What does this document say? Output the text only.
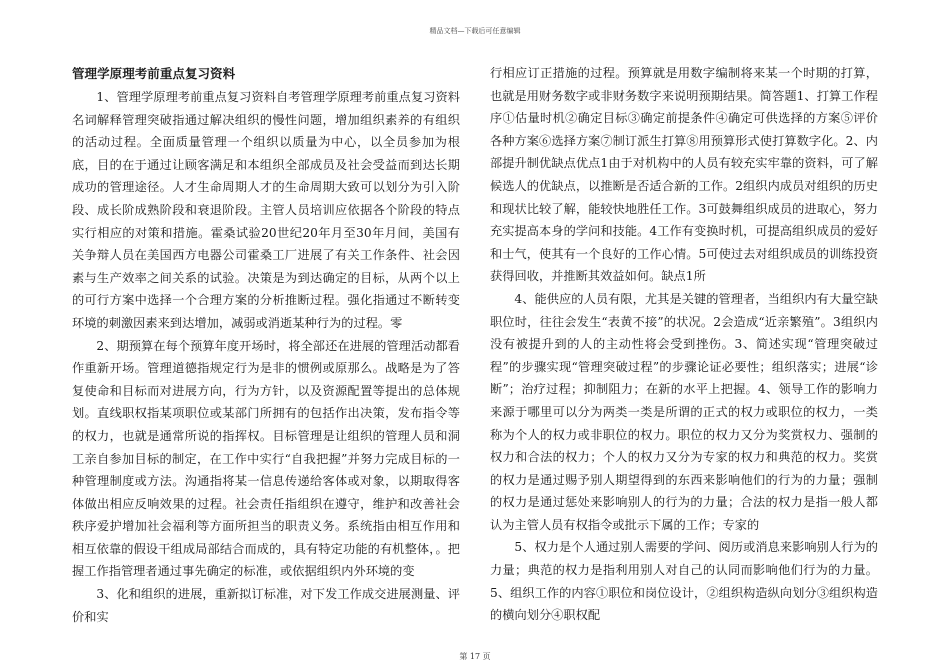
精品文档—下载后可任意编辑
管理学原理考前重点复习资料

1、管理学原理考前重点复习资料自考管理学原理考前重点复习资料名词解释管理突破指通过解决组织的慢性问题，增加组织素养的有组织的活动过程。全面质量管理一个组织以质量为中心，以全员参加为根底，目的在于通过让顾客满足和本组织全部成员及社会受益而到达长期成功的管理途径。人才生命周期人才的生命周期大致可以划分为引入阶段、成长阶成熟阶段和衰退阶段。主管人员培训应依据各个阶段的特点实行相应的对策和措施。霍桑试验20世纪20年月至30年月间，美国有关争辩人员在美国西方电器公司霍桑工厂进展了有关工作条件、社会因素与生产效率之间关系的试验。决策是为到达确定的目标，从两个以上的可行方案中选择一个合理方案的分析推断过程。强化指通过不断转变环境的刺激因素来到达增加，减弱或消逝某种行为的过程。零

2、期预算在每个预算年度开场时，将全部还在进展的管理活动都看作重新开场。管理道德指规定行为是非的惯例或原那么。战略是为了答复使命和目标而对进展方向，行为方针，以及资源配置等提出的总体规划。直线职权指某项职位或某部门所拥有的包括作出决策，发布指令等的权力，也就是通常所说的指挥权。目标管理是让组织的管理人员和洞工亲自参加目标的制定，在工作中实行“自我把握”并努力完成目标的一种管理制度或方法。沟通指将某一信息传递给客体或对象，以期取得客体做出相应反响效果的过程。社会责任指组织在遵守，维护和改善社会秩序爱护增加社会福利等方面所担当的职责义务。系统指由相互作用和相互依靠的假设干组成局部结合而成的，具有特定功能的有机整体，。把握工作指管理者通过事先确定的标准，或依据组织内外环境的变

3、化和组织的进展，重新拟订标准，对下发工作成交进展测量、评价和实

行相应订正措施的过程。预算就是用数字编制将来某一个时期的打算，也就是用财务数字或非财务数字来说明预期结果。简答题1、打算工作程序①估量时机②确定目标③确定前提条件④确定可供选择的方案⑤评价各种方案⑥选择方案⑦制订派生打算⑧用预算形式使打算数字化。2、内部提升制优缺点优点1由于对机构中的人员有较充实牢靠的资料，可了解候选人的优缺点，以推断是否适合新的工作。2组织内成员对组织的历史和现状比较了解，能较快地胜任工作。3可鼓舞组织成员的进取心，努力充实提高本身的学问和技能。4工作有变换时机，可提高组织成员的爱好和士气，使其有一个良好的工作心情。5可使过去对组织成员的训练投资获得回收，并推断其效益如何。缺点1所

4、能供应的人员有限，尤其是关键的管理者，当组织内有大量空缺职位时，往往会发生“表黄不接”的状况。2会造成“近亲繁殖”。3组织内没有被提升到的人的主动性将会受到挫伤。3、简述实现“管理突破过程”的步骤实现“管理突破过程”的步骤论证必要性；组织落实；进展“诊断”；治疗过程；抑制阻力；在新的水平上把握。4、领导工作的影响力来源于哪里可以分为两类一类是所谓的正式的权力或职位的权力，一类称为个人的权力或非职位的权力。职位的权力又分为奖赏权力、强制的权力和合法的权力；个人的权力又分为专家的权力和典范的权力。奖赏的权力是通过赐予别人期望得到的东西来影响他们的行为的力量；强制的权力是通过惩处来影响别人的行为的力量；合法的权力是指一般人都认为主管人员有权指令或批示下属的工作；专家的

5、权力是个人通过别人需要的学问、阅历或消息来影响别人行为的力量；典范的权力是指利用别人对自己的认同而影响他们行为的力量。5、组织工作的内容①职位和岗位设计，②组织构造纵向划分③组织构造的横向划分④职权配

第 17 页
